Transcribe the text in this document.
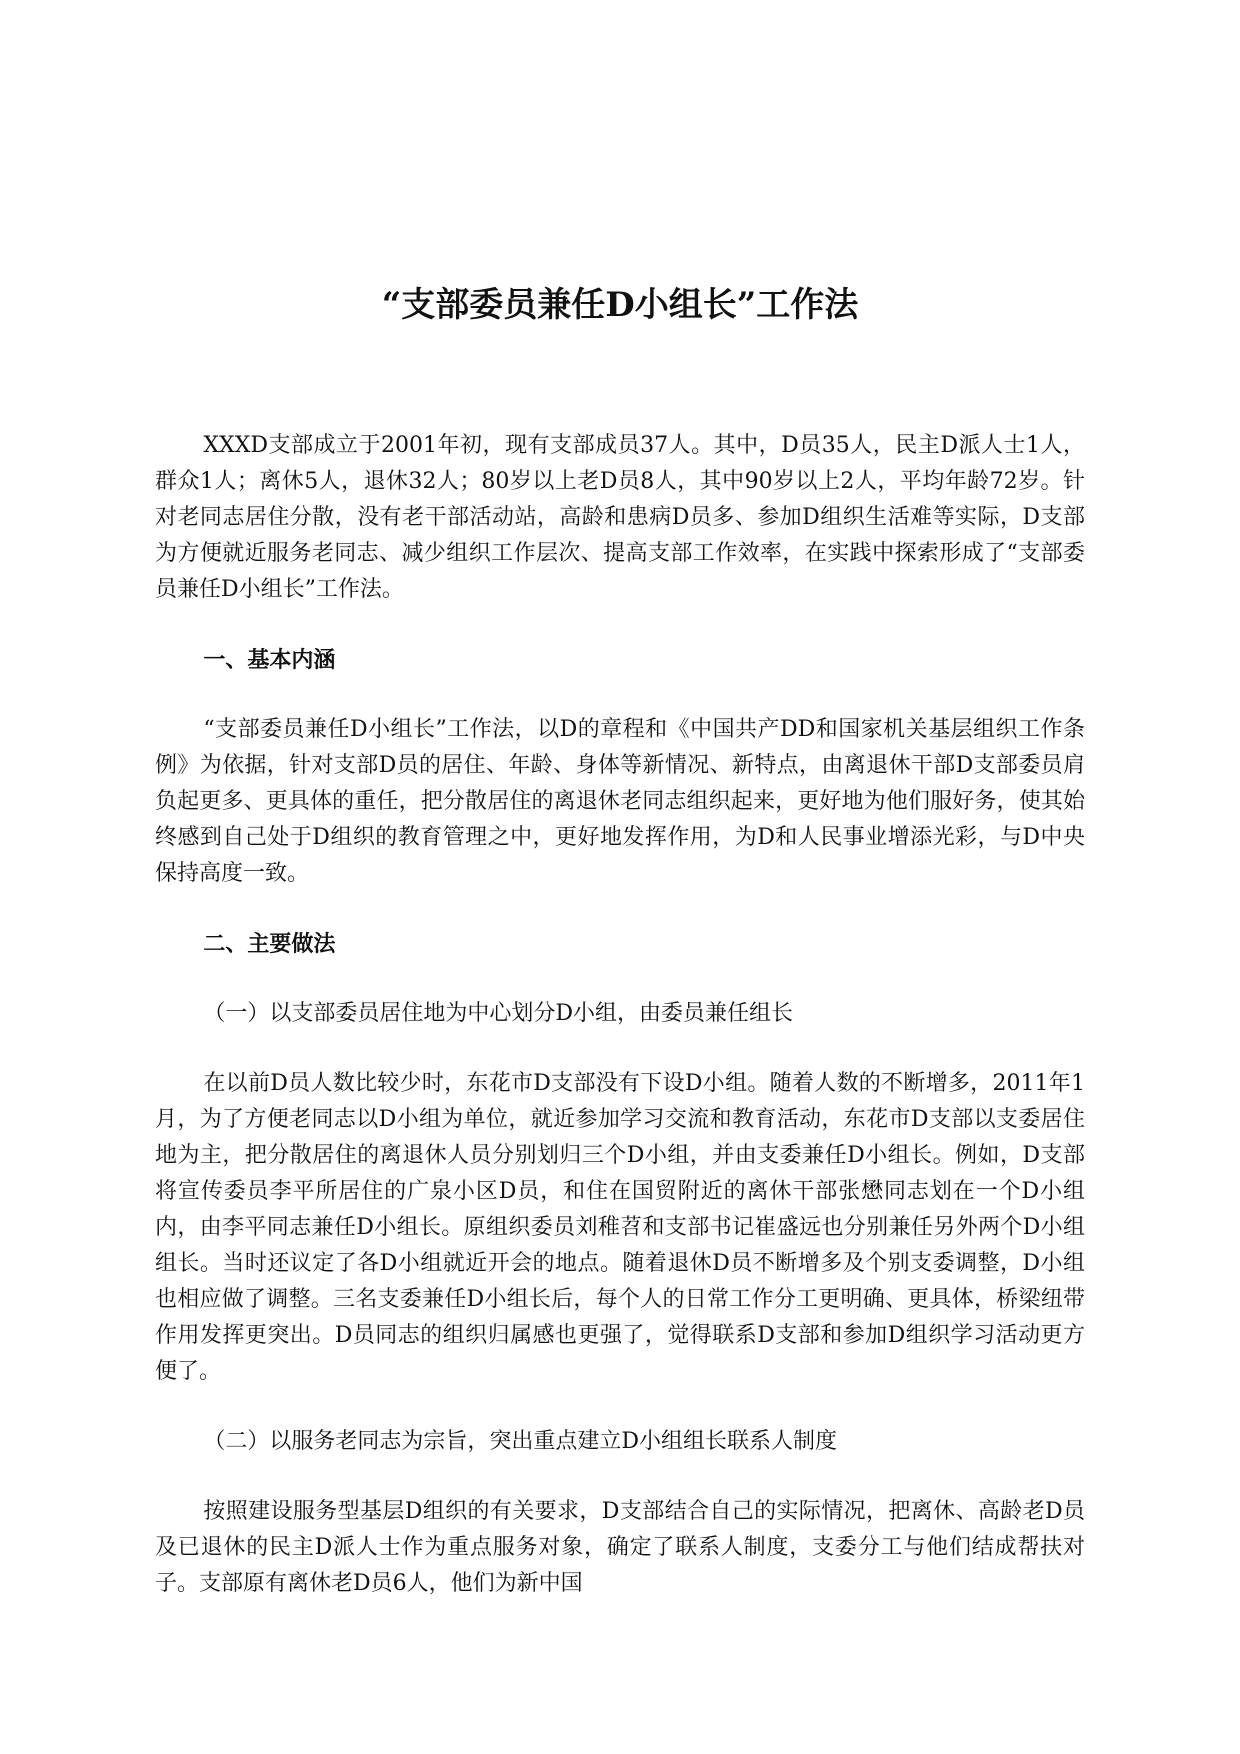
“支部委员兼任D小组长”工作法

XXXD支部成立于2001年初，现有支部成员37人。其中，D员35人，民主D派人士1人，群众1人；离休5人，退休32人；80岁以上老D员8人，其中90岁以上2人，平均年龄72岁。针对老同志居住分散，没有老干部活动站，高龄和患病D员多、参加D组织生活难等实际，D支部为方便就近服务老同志、减少组织工作层次、提高支部工作效率，在实践中探索形成了“支部委员兼任D小组长”工作法。

一、基本内涵

“支部委员兼任D小组长”工作法，以D的章程和《中国共产DD和国家机关基层组织工作条例》为依据，针对支部D员的居住、年龄、身体等新情况、新特点，由离退休干部D支部委员肩负起更多、更具体的重任，把分散居住的离退休老同志组织起来，更好地为他们服好务，使其始终感到自己处于D组织的教育管理之中，更好地发挥作用，为D和人民事业增添光彩，与D中央保持高度一致。

二、主要做法

（一）以支部委员居住地为中心划分D小组，由委员兼任组长

在以前D员人数比较少时，东花市D支部没有下设D小组。随着人数的不断增多，2011年1月，为了方便老同志以D小组为单位，就近参加学习交流和教育活动，东花市D支部以支委居住地为主，把分散居住的离退休人员分别划归三个D小组，并由支委兼任D小组长。例如，D支部将宣传委员李平所居住的广泉小区D员，和住在国贸附近的离休干部张懋同志划在一个D小组内，由李平同志兼任D小组长。原组织委员刘稚苕和支部书记崔盛远也分别兼任另外两个D小组组长。当时还议定了各D小组就近开会的地点。随着退休D员不断增多及个别支委调整，D小组也相应做了调整。三名支委兼任D小组长后，每个人的日常工作分工更明确、更具体，桥梁纽带作用发挥更突出。D员同志的组织归属感也更强了，觉得联系D支部和参加D组织学习活动更方便了。

（二）以服务老同志为宗旨，突出重点建立D小组组长联系人制度

按照建设服务型基层D组织的有关要求，D支部结合自己的实际情况，把离休、高龄老D员及已退休的民主D派人士作为重点服务对象，确定了联系人制度，支委分工与他们结成帮扶对子。支部原有离休老D员6人，他们为新中国
